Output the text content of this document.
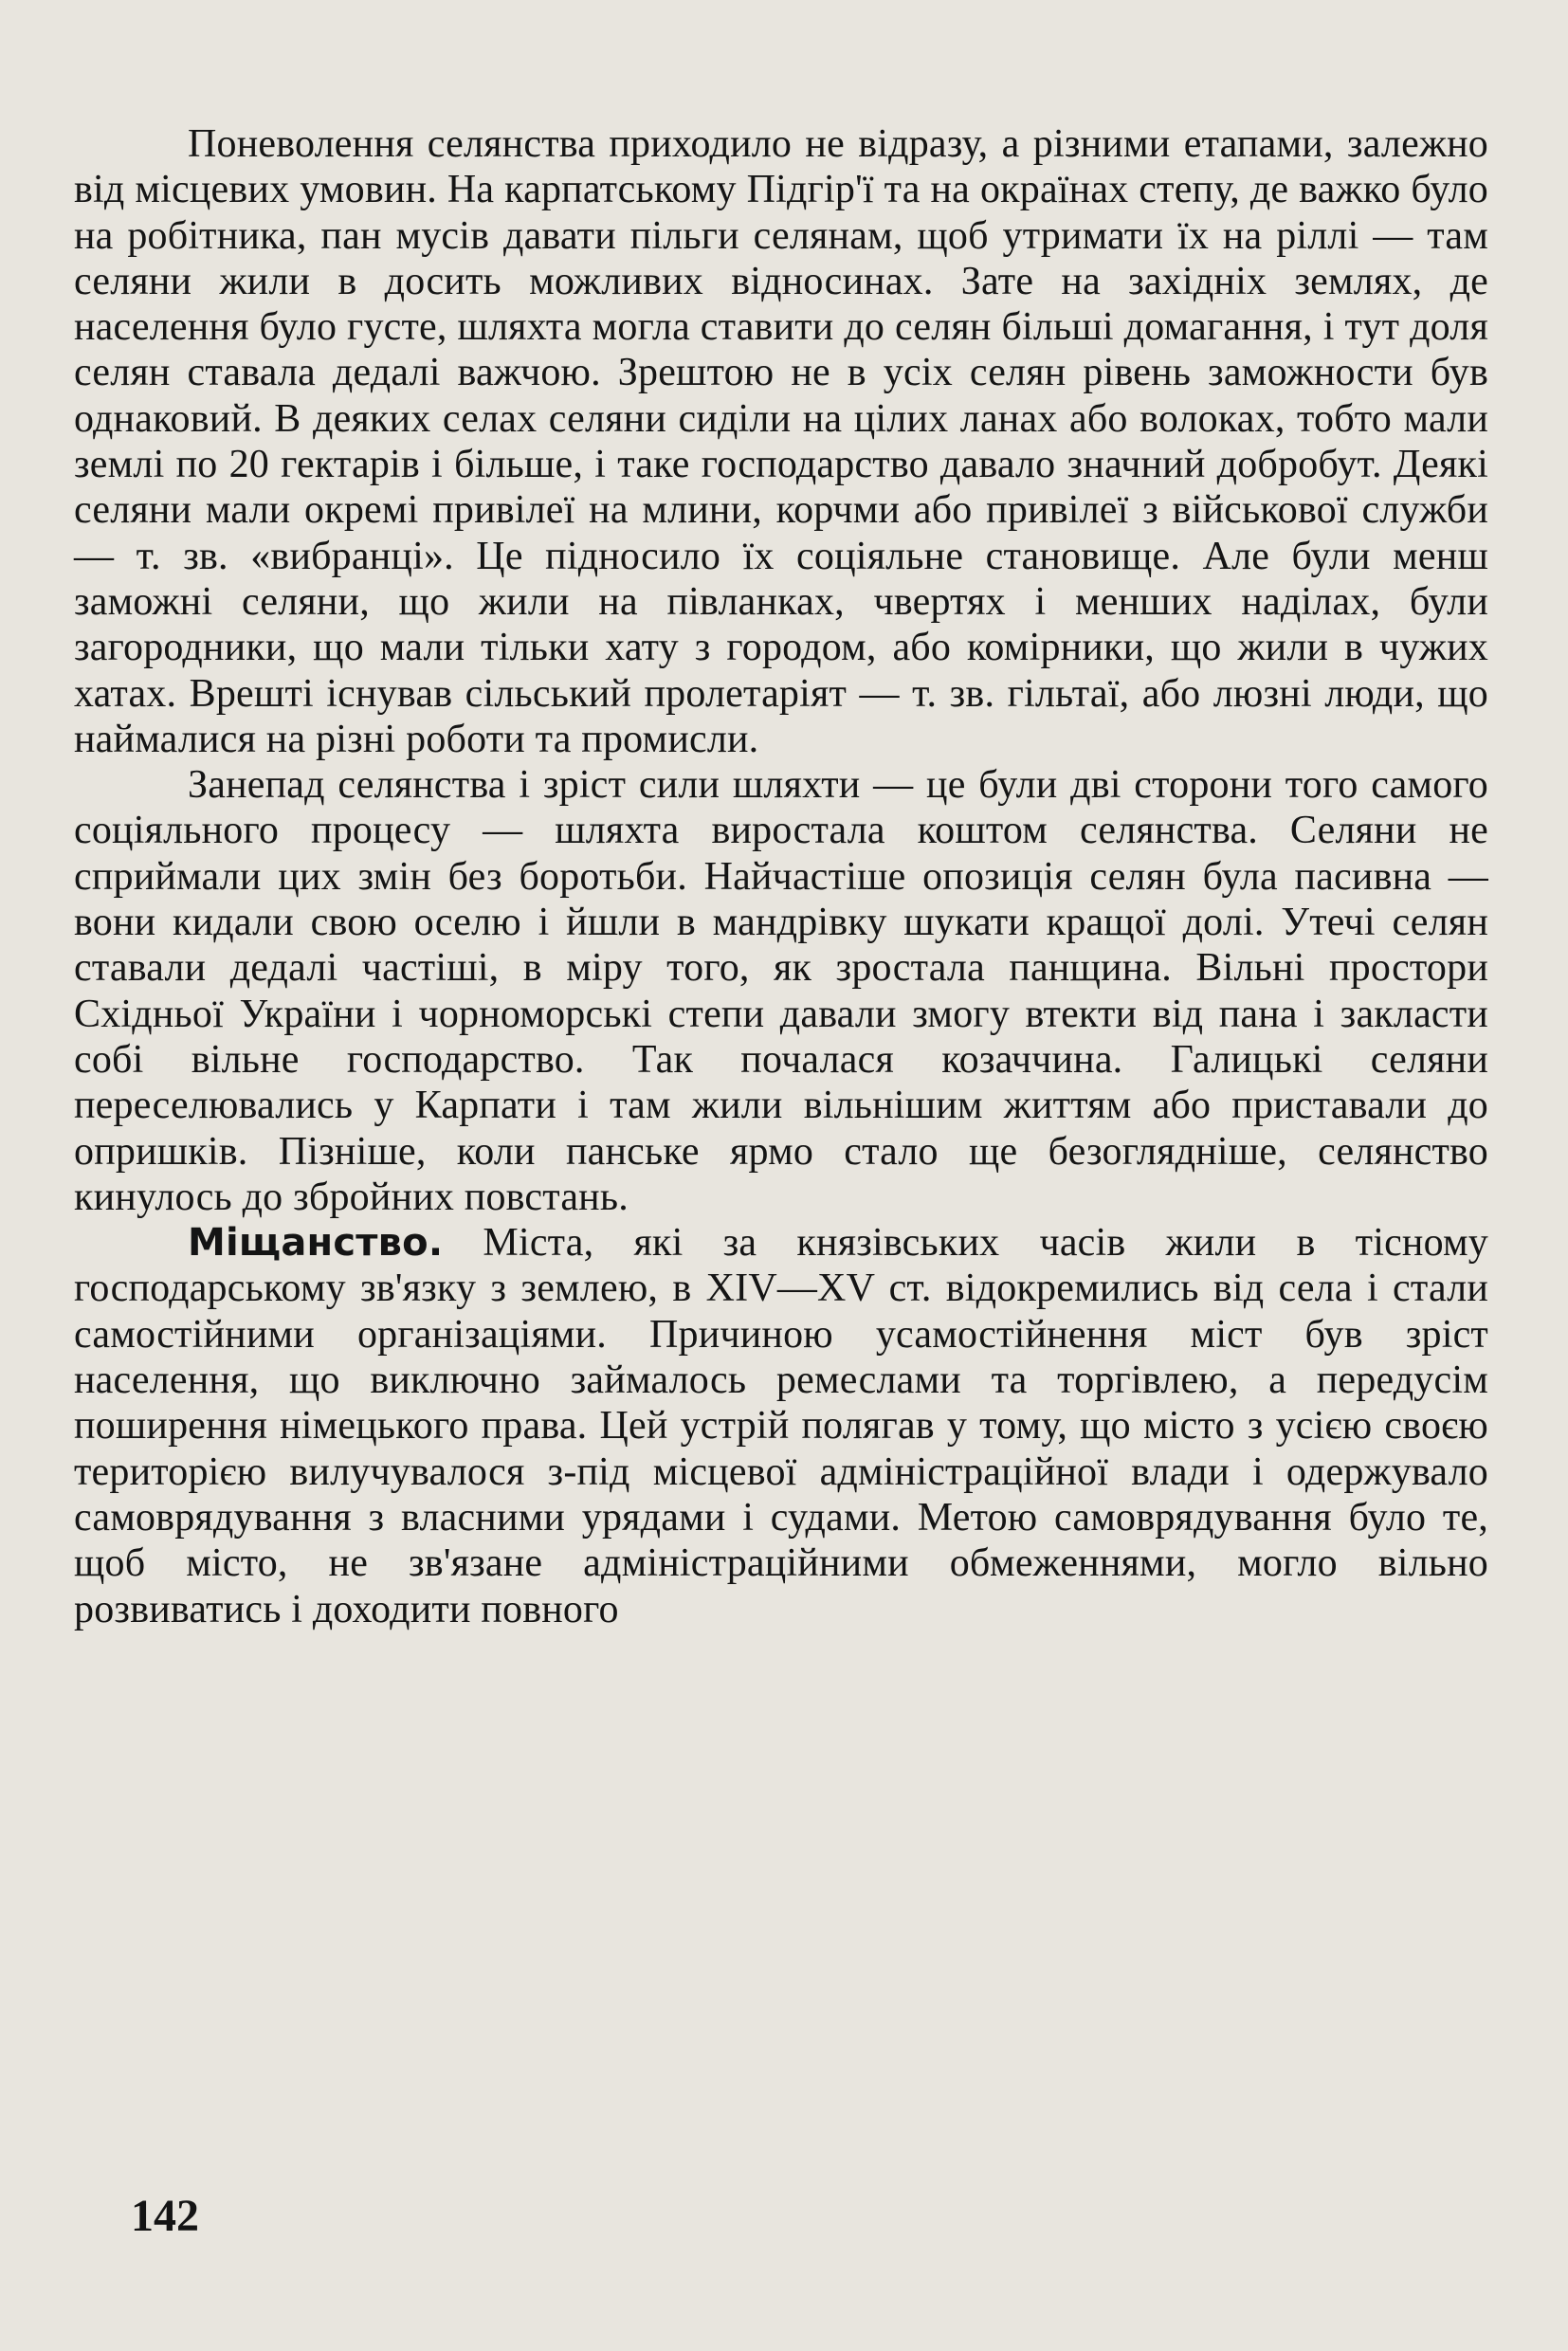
Поневолення селянства приходило не відразу, а різними етапами, залежно від місцевих умовин. На карпатському Підгір'ї та на окраїнах степу, де важко було на робітника, пан мусів давати пільги селянам, щоб утримати їх на ріллі — там селяни жили в досить можливих відносинах. Зате на західніх землях, де населення було густе, шляхта могла ставити до селян більші домагання, і тут доля селян ставала дедалі важчою. Зрештою не в усіх селян рівень заможности був однаковий. В деяких селах селяни сиділи на цілих ланах або волоках, тобто мали землі по 20 гектарів і більше, і таке господарство давало значний добробут. Деякі селяни мали окремі привілеї на млини, корчми або привілеї з військової служби — т. зв. «вибранці». Це підносило їх соціяльне становище. Але були менш заможні селяни, що жили на півланках, чвертях і менших наділах, були загородники, що мали тільки хату з городом, або комірники, що жили в чужих хатах. Врешті існував сільський пролетаріят — т. зв. гільтаї, або люзні люди, що наймалися на різні роботи та промисли.

Занепад селянства і зріст сили шляхти — це були дві сторони того самого соціяльного процесу — шляхта виростала коштом селянства. Селяни не сприймали цих змін без боротьби. Найчастіше опозиція селян була пасивна — вони кидали свою оселю і йшли в мандрівку шукати кращої долі. Утечі селян ставали дедалі частіші, в міру того, як зростала панщина. Вільні простори Східньої України і чорноморські степи давали змогу втекти від пана і закласти собі вільне господарство. Так почалася козаччина. Галицькі селяни переселювались у Карпати і там жили вільнішим життям або приставали до опришків. Пізніше, коли панське ярмо стало ще безоглядніше, селянство кинулось до збройних повстань.

Міщанство. Міста, які за князівських часів жили в тісному господарському зв'язку з землею, в XIV—XV ст. відокремились від села і стали самостійними організаціями. Причиною усамостійнення міст був зріст населення, що виключно займалось ремеслами та торгівлею, а передусім поширення німецького права. Цей устрій полягав у тому, що місто з усією своєю територією вилучувалося з-під місцевої адміністраційної влади і одержувало самоврядування з власними урядами і судами. Метою самоврядування було те, щоб місто, не зв'язане адміністраційними обмеженнями, могло вільно розвиватись і доходити повного

142
